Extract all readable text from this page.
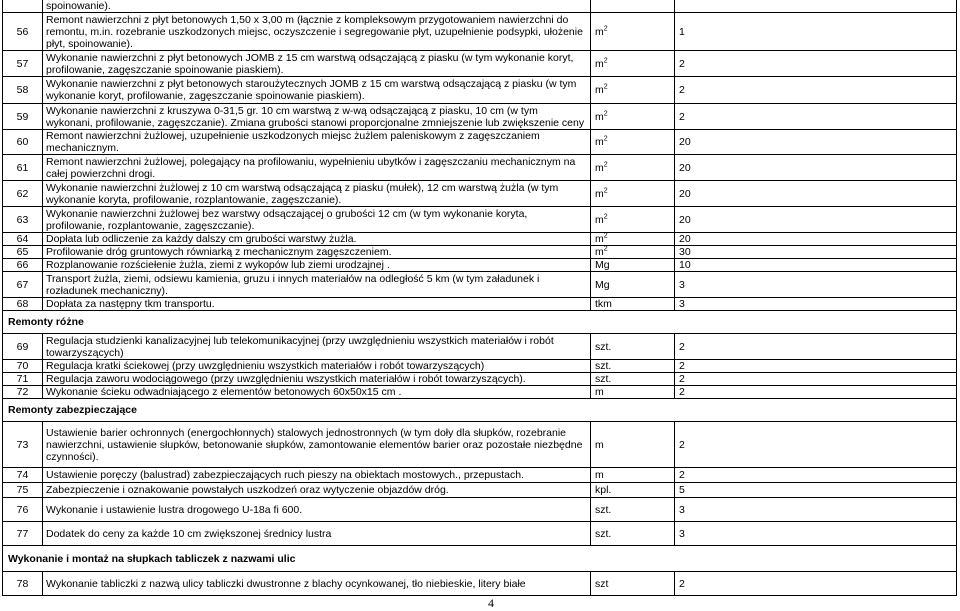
	spoinowanie).		
56	Remont nawierzchni z płyt betonowych 1,50 x 3,00 m (łącznie z kompleksowym przygotowaniem nawierzchni do remontu, m.in. rozebranie uszkodzonych miejsc, oczyszczenie i segregowanie płyt, uzupełnienie podsypki, ułożenie płyt, spoinowanie).	$m^2$	1
57	Wykonanie nawierzchni z płyt betonowych JOMB z 15 cm warstwą odsączającą z piasku (w tym wykonanie koryt, profilowanie, zagęszczanie spoinowanie piaskiem).	$m^2$	2
58	Wykonanie nawierzchni z płyt betonowych staroużytecznych JOMB z 15 cm warstwą odsączającą z piasku (w tym wykonanie koryt, profilowanie, zagęszczanie spoinowanie piaskiem).	$m^2$	2
59	Wykonanie nawierzchni z kruszywa 0-31,5 gr. 10 cm warstwą z w-wą odsączającą z piasku, 10 cm (w tym wykonani, profilowanie, zagęszczanie). Zmiana grubości stanowi proporcjonalne zmniejszenie lub zwiększenie ceny	$m^2$	2
60	Remont nawierzchni żużlowej, uzupełnienie uszkodzonych miejsc żużlem paleniskowym z zagęszczaniem mechanicznym.	$m^2$	20
61	Remont nawierzchni żużlowej, polegający na profilowaniu, wypełnieniu ubytków i zagęszczaniu mechanicznym na całej powierzchni drogi.	$m^2$	20
62	Wykonanie nawierzchni żużlowej z 10 cm warstwą odsączającą z piasku (mułek), 12 cm warstwą żużla (w tym wykonanie koryta, profilowanie, rozplantowanie, zagęszczanie).	$m^2$	20
63	Wykonanie nawierzchni żużlowej bez warstwy odsączającej o grubości 12 cm (w tym wykonanie koryta, profilowanie, rozplantowanie, zagęszczanie).	$m^2$	20
64	Dopłata lub odliczenie za każdy dalszy cm grubości warstwy żużla.	$m^2$	20
65	Profilowanie dróg gruntowych równiarką z mechanicznym zagęszczeniem.	$m^2$	30
66	Rozplanowanie rozściełenie żużla, ziemi z wykopów lub ziemi urodzajnej .	Mg	10
67	Transport żużla, ziemi, odsiewu kamienia, gruzu i innych materiałów na odległość 5 km (w tym załadunek i rozładunek mechaniczny).	Mg	3
68	Dopłata za następny tkm transportu.	tkm	3
Remonty różne			
69	Regulacja studzienki kanalizacyjnej lub telekomunikacyjnej (przy uwzględnieniu wszystkich materiałów i robót towarzyszących)	szt.	2
70	Regulacja kratki ściekowej (przy uwzględnieniu wszystkich materiałów i robót towarzyszących)	szt.	2
71	Regulacja zaworu wodociągowego (przy uwzględnieniu wszystkich materiałów i robót towarzyszących).	szt.	2
72	Wykonanie ścieku odwadniającego z elementów betonowych 60x50x15 cm .	m	2
Remonty zabezpieczające			
73	Ustawienie barier ochronnych (energochłonnych) stalowych jednostronnych (w tym doły dla słupków, rozebranie nawierzchni, ustawienie słupków, betonowanie słupków, zamontowanie elementów barier oraz pozostałe niezbędne czynności).	m	2
74	Ustawienie poręczy (balustrad) zabezpieczających ruch pieszy na obiektach mostowych., przepustach.	m	2
75	Zabezpieczenie i oznakowanie powstałych uszkodzeń oraz wytyczenie objazdów dróg.	kpl.	5
76	Wykonanie i ustawienie lustra drogowego U-18a fi 600.	szt.	3
77	Dodatek do ceny za każde 10 cm zwiększonej średnicy lustra	szt.	3
Wykonanie i montaż na słupkach tabliczek z nazwami ulic			
78	Wykonanie tabliczki z nazwą ulicy tabliczki dwustronne z blachy ocynkowanej, tło niebieskie, litery białe	szt	2
4
